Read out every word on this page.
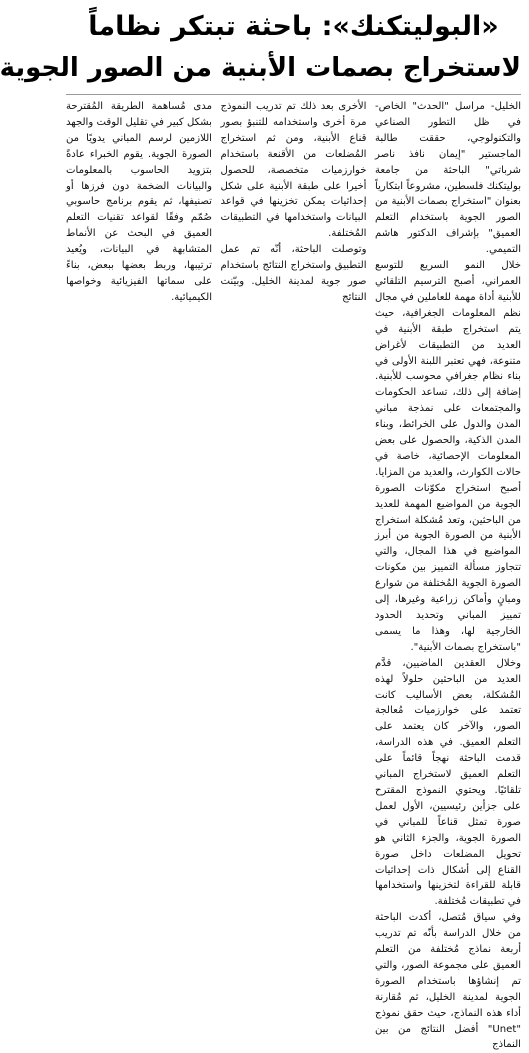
«البوليتكنك»: باحثة تبتكر نظاماً
لاستخراج بصمات الأبنية من الصور الجوية

الخليل- مراسل "الحدث" الخاص- في ظل التطور الصناعي والتكنولوجي، حققت طالبة الماجستير "إيمان نافذ ناصر شرباتي" الباحثة من جامعة بوليتكنك فلسطين، مشروعاً ابتكارياً بعنوان "استخراج بصمات الأبنية من الصور الجوية باستخدام التعلم العميق" بإشراف الدكتور هاشم التميمي.

خلال النمو السريع للتوسع العمراني، أصبح الترسيم التلقائي للأبنية أداة مهمة للعاملين في مجال نظم المعلومات الجغرافية، حيث يتم استخراج طبقة الأبنية في العديد من التطبيقات لأغراض متنوعة، فهي تعتبر اللبنة الأولى في بناء نظام جغرافي محوسب للأبنية. إضافة إلى ذلك، تساعد الحكومات والمجتمعات على نمذجة مباني المدن والدول على الخرائط، وبناء المدن الذكية، والحصول على بعض المعلومات الإحصائية، خاصة في حالات الكوارث، والعديد من المزايا.

أصبح استخراج مكوّنات الصورة الجوية من المواضيع المهمة للعديد من الباحثين، وتعد مُشكلة استخراج الأبنية من الصورة الجوية من أبرز المواضيع في هذا المجال، والتي تتجاوز مسألة التمييز بين مكونات الصورة الجوية المُختلفة من شوارع ومبانٍ وأماكن زراعية وغيرها، إلى تمييز المباني وتحديد الحدود الخارجية لها، وهذا ما يسمى "باستخراج بصمات الأبنية".

وخلال العقدين الماضيين، قدَّم العديد من الباحثين حلولاً لهذه المُشكلة، بعض الأساليب كانت تعتمد على خوارزميات مُعالجة الصور، والآخر كان يعتمد على التعلم العميق. في هذه الدراسة، قدمت الباحثة نهجاً قائماً على التعلم العميق لاستخراج المباني تلقائيًا. ويحتوي النموذج المقترح على جزأين رئيسيين، الأول لعمل صورة تمثل قناعاً للمباني في الصورة الجوية، والجزء الثاني هو تحويل المضلعات داخل صورة القناع إلى أشكال ذات إحداثيات قابلة للقراءة لتخزينها واستخدامها في تطبيقات مُختلفة.

وفي سياق مُتصل، أكدت الباحثة من خلال الدراسة بأنّه تم تدريب أربعة نماذج مُختلفة من التعلم العميق على مجموعة الصور، والتي تم إنشاؤها باستخدام الصورة الجوية لمدينة الخليل، ثم مُقارنة أداء هذه النماذج، حيث حقق نموذج "Unet" أفضل النتائج من بين النماذج

الأخرى بعد ذلك تم تدريب النموذج مرة أخرى واستخدامه للتنبؤ بصور قناع الأبنية، ومن ثم استخراج المُضلعات من الأقنعة باستخدام خوارزميات متخصصة، للحصول أخيرا على طبقة الأبنية على شكل إحداثيات يمكن تخزينها في قواعد البيانات واستخدامها في التطبيقات المُختلفة.

وتوصلت الباحثة، أنّه تم عمل التطبيق واستخراج النتائج باستخدام صور جوية لمدينة الخليل. وبيّنت النتائج

مدى مُساهمة الطريقة المُقترحة بشكل كبير في تقليل الوقت والجهد اللازمين لرسم المباني يدويًا من الصورة الجوية. يقوم الخبراء عادةً بتزويد الحاسوب بالمعلومات والبيانات الضخمة دون فرزها أو تصنيفها، ثم يقوم برنامج حاسوبي صُمّم وفقًا لقواعد تقنيات التعلم العميق في البحث عن الأنماط المتشابهة في البيانات، ويُعيد ترتيبها، وربط بعضها ببعض، بناءً على سماتها الفيزيائية وخواصها الكيميائية.
